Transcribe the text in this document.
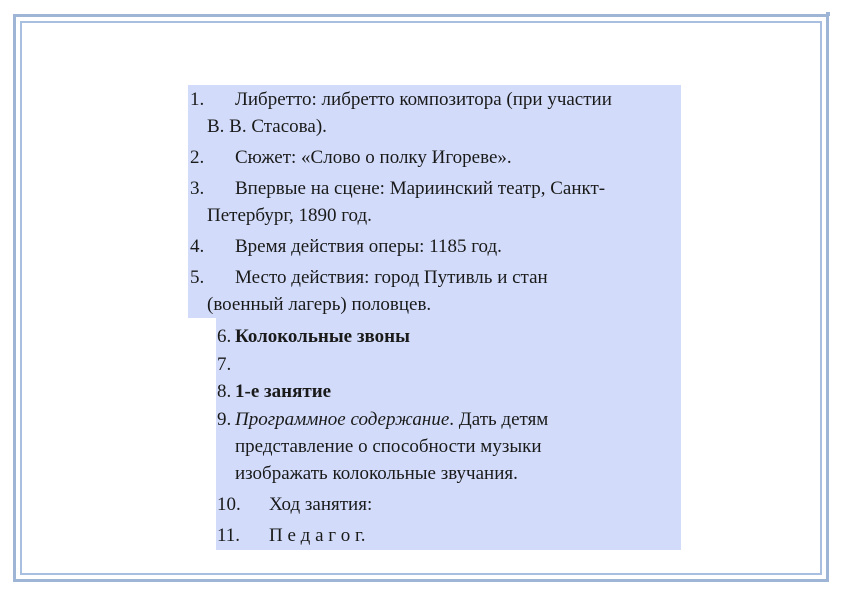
1. Либретто: либретто композитора (при участии
В. В. Стасова).
2. Сюжет: «Слово о полку Игореве».
3. Впервые на сцене: Мариинский театр, Санкт-
Петербург, 1890 год.
4. Время действия оперы: 1185 год.
5. Место действия: город Путивль и стан
(военный лагерь) половцев.
6. Колокольные звоны
7.
8. 1-е занятие
9. Программное содержание. Дать детям
представление о способности музыки
изображать колокольные звучания.
10. Ход занятия:
11. П е д а г о г.
